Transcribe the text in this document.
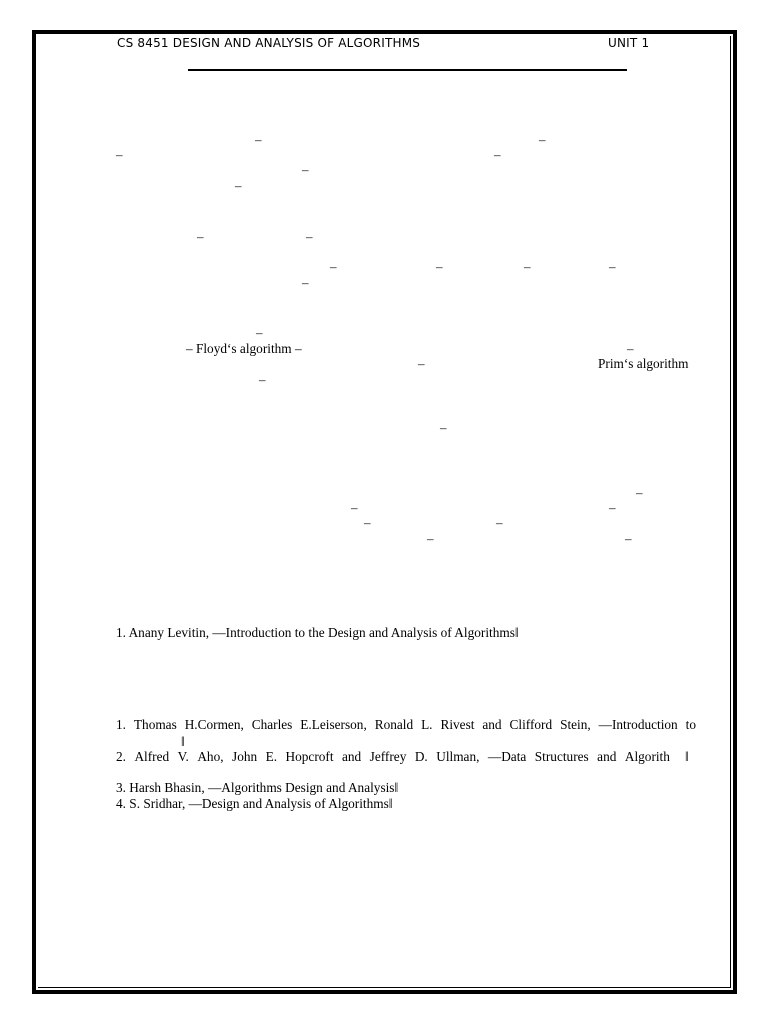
CS 8451 DESIGN AND ANALYSIS OF ALGORITHMS	UNIT 1
–	–
–	–
–
–
–	–
–	–	–	–
–
–
– Floyd‘s algorithm –	–
–	Prim‘s algorithm
–
–
–
–	–
–	–
–	–
1. Anany Levitin, ―Introduction to the Design and Analysis of Algorithms‖
1. Thomas H.Cormen, Charles E.Leiserson, Ronald L. Rivest and Clifford Stein, ―Introduction to
‖
2. Alfred V. Aho, John E. Hopcroft and Jeffrey D. Ullman, ―Data Structures and Algorith ‖
3. Harsh Bhasin, ―Algorithms Design and Analysis‖
4. S. Sridhar, ―Design and Analysis of Algorithms‖
